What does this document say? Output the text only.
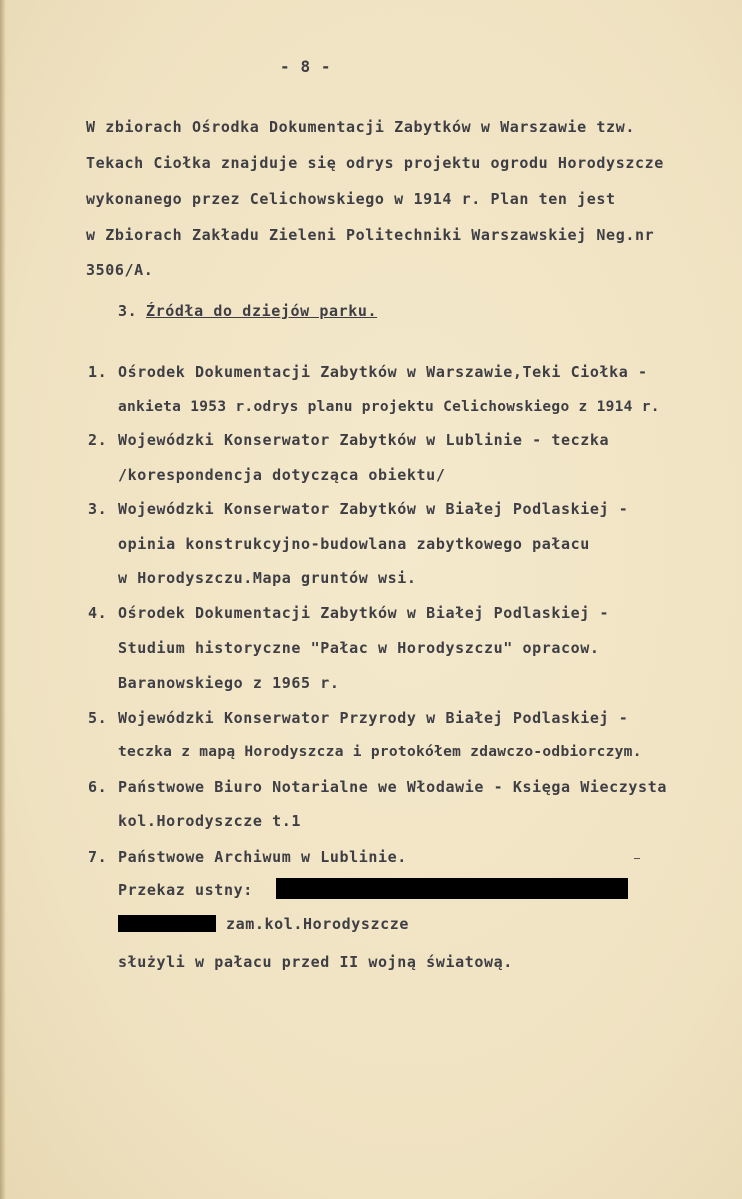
- 8 -
W zbiorach Ośrodka Dokumentacji Zabytków w Warszawie tzw.
Tekach Ciołka znajduje się odrys projektu ogrodu Horodyszcze
wykonanego przez Celichowskiego w 1914 r. Plan ten jest
w Zbiorach Zakładu Zieleni Politechniki Warszawskiej Neg.nr
3506/A.
3. Źródła do dziejów parku.
1. Ośrodek Dokumentacji Zabytków w Warszawie,Teki Ciołka -
ankieta 1953 r.odrys planu projektu Celichowskiego z 1914 r.
2. Wojewódzki Konserwator Zabytków w Lublinie - teczka
/korespondencja dotycząca obiektu/
3. Wojewódzki Konserwator Zabytków w Białej Podlaskiej -
opinia konstrukcyjno-budowlana zabytkowego pałacu
w Horodyszczu.Mapa gruntów wsi.
4. Ośrodek Dokumentacji Zabytków w Białej Podlaskiej -
Studium historyczne "Pałac w Horodyszczu" opracow.
Baranowskiego z 1965 r.
5. Wojewódzki Konserwator Przyrody w Białej Podlaskiej -
teczka z mapą Horodyszcza i protokółem zdawczo-odbiorczym.
6. Państwowe Biuro Notarialne we Włodawie - Księga Wieczysta
kol.Horodyszcze t.1
7. Państwowe Archiwum w Lublinie.
Przekaz ustny:
zam.kol.Horodyszcze
służyli w pałacu przed II wojną światową.
